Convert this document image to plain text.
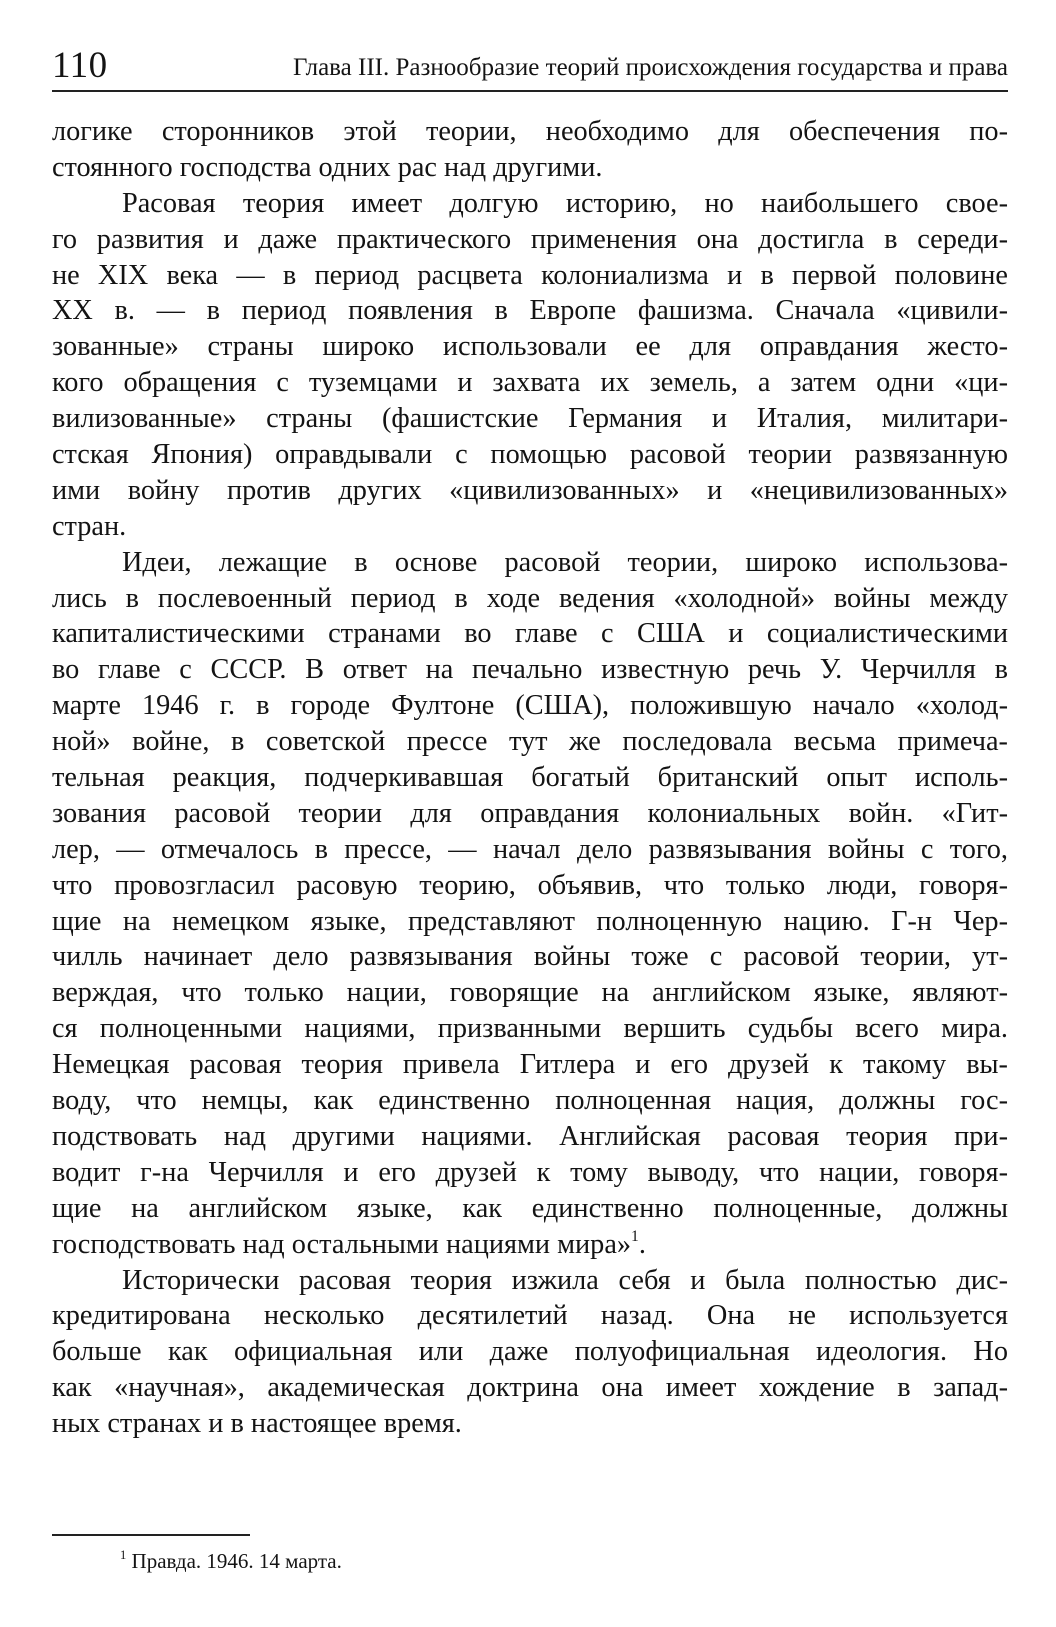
110	Глава III. Разнообразие теорий происхождения государства и права
логике сторонников этой теории, необходимо для обеспечения по-
стоянного господства одних рас над другими.
Расовая теория имеет долгую историю, но наибольшего свое-
го развития и даже практического применения она достигла в середи-
не XIX века — в период расцвета колониализма и в первой половине
XX в. — в период появления в Европе фашизма. Сначала «цивили-
зованные» страны широко использовали ее для оправдания жесто-
кого обращения с туземцами и захвата их земель, а затем одни «ци-
вилизованные» страны (фашистские Германия и Италия, милитари-
стская Япония) оправдывали с помощью расовой теории развязанную
ими войну против других «цивилизованных» и «нецивилизованных»
стран.
Идеи, лежащие в основе расовой теории, широко использова-
лись в послевоенный период в ходе ведения «холодной» войны между
капиталистическими странами во главе с США и социалистическими
во главе с СССР. В ответ на печально известную речь У. Черчилля в
марте 1946 г. в городе Фултоне (США), положившую начало «холод-
ной» войне, в советской прессе тут же последовала весьма примеча-
тельная реакция, подчеркивавшая богатый британский опыт исполь-
зования расовой теории для оправдания колониальных войн. «Гит-
лер, — отмечалось в прессе, — начал дело развязывания войны с того,
что провозгласил расовую теорию, объявив, что только люди, говоря-
щие на немецком языке, представляют полноценную нацию. Г-н Чер-
чилль начинает дело развязывания войны тоже с расовой теории, ут-
верждая, что только нации, говорящие на английском языке, являют-
ся полноценными нациями, призванными вершить судьбы всего мира.
Немецкая расовая теория привела Гитлера и его друзей к такому вы-
воду, что немцы, как единственно полноценная нация, должны гос-
подствовать над другими нациями. Английская расовая теория при-
водит г-на Черчилля и его друзей к тому выводу, что нации, говоря-
щие на английском языке, как единственно полноценные, должны
господствовать над остальными нациями мира»$^1$.
Исторически расовая теория изжила себя и была полностью дис-
кредитирована несколько десятилетий назад. Она не используется
больше как официальная или даже полуофициальная идеология. Но
как «научная», академическая доктрина она имеет хождение в запад-
ных странах и в настоящее время.
$^1$ Правда. 1946. 14 марта.
